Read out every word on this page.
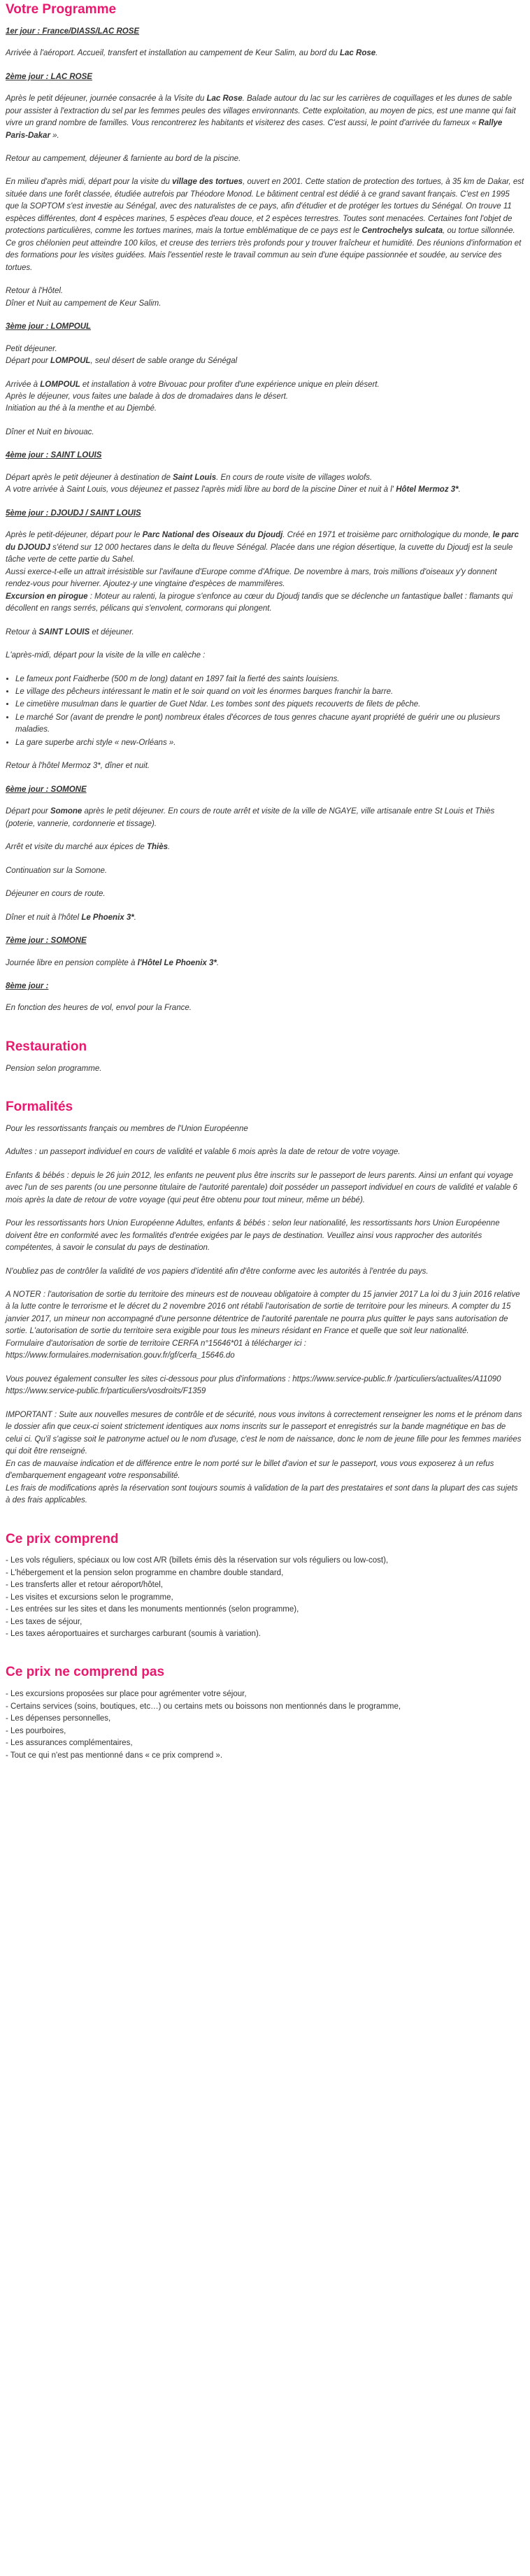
Votre Programme

1er jour : France/DIASS/LAC ROSE

Arrivée à l'aéroport. Accueil, transfert et installation au campement de Keur Salim, au bord du Lac Rose.

2ème jour : LAC ROSE

Après le petit déjeuner, journée consacrée à la Visite du Lac Rose. Balade autour du lac sur les carrières de coquillages et les dunes de sable pour assister à l'extraction du sel par les femmes peules des villages environnants. Cette exploitation, au moyen de pics, est une manne qui fait vivre un grand nombre de familles. Vous rencontrerez les habitants et visiterez des cases. C'est aussi, le point d'arrivée du fameux « Rallye Paris-Dakar ».

Retour au campement, déjeuner & farniente au bord de la piscine.

En milieu d'après midi, départ pour la visite du village des tortues, ouvert en 2001. Cette station de protection des tortues, à 35 km de Dakar, est située dans une forêt classée, étudiée autrefois par Théodore Monod. Le bâtiment central est dédié à ce grand savant français. C'est en 1995 que la SOPTOM s'est investie au Sénégal, avec des naturalistes de ce pays, afin d'étudier et de protéger les tortues du Sénégal. On trouve 11 espèces différentes, dont 4 espèces marines, 5 espèces d'eau douce, et 2 espèces terrestres. Toutes sont menacées. Certaines font l'objet de protections particulières, comme les tortues marines, mais la tortue emblématique de ce pays est le Centrochelys sulcata, ou tortue sillonnée. Ce gros chélonien peut atteindre 100 kilos, et creuse des terriers très profonds pour y trouver fraîcheur et humidité. Des réunions d'information et des formations pour les visites guidées. Mais l'essentiel reste le travail commun au sein d'une équipe passionnée et soudée, au service des tortues.

Retour à l'Hôtel.
Dîner et Nuit au campement de Keur Salim.

3ème jour : LOMPOUL

Petit déjeuner.
Départ pour LOMPOUL, seul désert de sable orange du Sénégal

Arrivée à LOMPOUL et installation à votre Bivouac pour profiter d'une expérience unique en plein désert.
Après le déjeuner, vous faites une balade à dos de dromadaires dans le désert.
Initiation au thé à la menthe et au Djembé.

Dîner et Nuit en bivouac.

4ème jour : SAINT LOUIS

Départ après le petit déjeuner à destination de Saint Louis. En cours de route visite de villages wolofs.
A votre arrivée à Saint Louis, vous déjeunez et passez l'après midi libre au bord de la piscine Diner et nuit à l' Hôtel Mermoz 3*.

5ème jour : DJOUDJ / SAINT LOUIS

Après le petit-déjeuner, départ pour le Parc National des Oiseaux du Djoudj. Créé en 1971 et troisième parc ornithologique du monde, le parc du DJOUDJ s'étend sur 12 000 hectares dans le delta du fleuve Sénégal. Placée dans une région désertique, la cuvette du Djoudj est la seule tâche verte de cette partie du Sahel.
Aussi exerce-t-elle un attrait irrésistible sur l'avifaune d'Europe comme d'Afrique. De novembre à mars, trois millions d'oiseaux y'y donnent rendez-vous pour hiverner. Ajoutez-y une vingtaine d'espèces de mammifères.
Excursion en pirogue : Moteur au ralenti, la pirogue s'enfonce au cœur du Djoudj tandis que se déclenche un fantastique ballet : flamants qui décollent en rangs serrés, pélicans qui s'envolent, cormorans qui plongent.

Retour à SAINT LOUIS et déjeuner.

L'après-midi, départ pour la visite de la ville en calèche :

• Le fameux pont Faidherbe (500 m de long) datant en 1897 fait la fierté des saints louisiens.
• Le village des pêcheurs intéressant le matin et le soir quand on voit les énormes barques franchir la barre.
• Le cimetière musulman dans le quartier de Guet Ndar. Les tombes sont des piquets recouverts de filets de pêche.
• Le marché Sor (avant de prendre le pont) nombreux étales d'écorces de tous genres chacune ayant propriété de guérir une ou plusieurs maladies.
• La gare superbe archi style « new-Orléans ».

Retour à l'hôtel Mermoz 3*, dîner et nuit.

6ème jour : SOMONE

Départ pour Somone après le petit déjeuner. En cours de route arrêt et visite de la ville de NGAYE, ville artisanale entre St Louis et Thiès (poterie, vannerie, cordonnerie et tissage).

Arrêt et visite du marché aux épices de Thiès.

Continuation sur la Somone.

Déjeuner en cours de route.

Dîner et nuit à l'hôtel Le Phoenix 3*.

7ème jour : SOMONE

Journée libre en pension complète à l'Hôtel Le Phoenix 3*.

8ème jour :

En fonction des heures de vol, envol pour la France.

Restauration

Pension selon programme.

Formalités

Pour les ressortissants français ou membres de l'Union Européenne

Adultes : un passeport individuel en cours de validité et valable 6 mois après la date de retour de votre voyage.

Enfants & bébés : depuis le 26 juin 2012, les enfants ne peuvent plus être inscrits sur le passeport de leurs parents. Ainsi un enfant qui voyage avec l'un de ses parents (ou une personne titulaire de l'autorité parentale) doit posséder un passeport individuel en cours de validité et valable 6 mois après la date de retour de votre voyage (qui peut être obtenu pour tout mineur, même un bébé).

Pour les ressortissants hors Union Européenne Adultes, enfants & bébés : selon leur nationalité, les ressortissants hors Union Européenne doivent être en conformité avec les formalités d'entrée exigées par le pays de destination. Veuillez ainsi vous rapprocher des autorités compétentes, à savoir le consulat du pays de destination.

N'oubliez pas de contrôler la validité de vos papiers d'identité afin d'être conforme avec les autorités à l'entrée du pays.

A NOTER : l'autorisation de sortie du territoire des mineurs est de nouveau obligatoire à compter du 15 janvier 2017 La loi du 3 juin 2016 relative à la lutte contre le terrorisme et le décret du 2 novembre 2016 ont rétabli l'autorisation de sortie de territoire pour les mineurs. A compter du 15 janvier 2017, un mineur non accompagné d'une personne détentrice de l'autorité parentale ne pourra plus quitter le pays sans autorisation de sortie. L'autorisation de sortie du territoire sera exigible pour tous les mineurs résidant en France et quelle que soit leur nationalité.
Formulaire d'autorisation de sortie de territoire CERFA n°15646*01 à télécharger ici : https://www.formulaires.modernisation.gouv.fr/gf/cerfa_15646.do

Vous pouvez également consulter les sites ci-dessous pour plus d'informations : https://www.service-public.fr /particuliers/actualites/A11090 https://www.service-public.fr/particuliers/vosdroits/F1359

IMPORTANT : Suite aux nouvelles mesures de contrôle et de sécurité, nous vous invitons à correctement renseigner les noms et le prénom dans le dossier afin que ceux-ci soient strictement identiques aux noms inscrits sur le passeport et enregistrés sur la bande magnétique en bas de celui ci. Qu'il s'agisse soit le patronyme actuel ou le nom d'usage, c'est le nom de naissance, donc le nom de jeune fille pour les femmes mariées qui doit être renseigné.
En cas de mauvaise indication et de différence entre le nom porté sur le billet d'avion et sur le passeport, vous vous exposerez à un refus d'embarquement engageant votre responsabilité.
Les frais de modifications après la réservation sont toujours soumis à validation de la part des prestataires et sont dans la plupart des cas sujets à des frais applicables.

Ce prix comprend
- Les vols réguliers, spéciaux ou low cost A/R (billets émis dès la réservation sur vols réguliers ou low-cost),
- L'hébergement et la pension selon programme en chambre double standard,
- Les transferts aller et retour aéroport/hôtel,
- Les visites et excursions selon le programme,
- Les entrées sur les sites et dans les monuments mentionnés (selon programme),
- Les taxes de séjour,
- Les taxes aéroportuaires et surcharges carburant (soumis à variation).
Ce prix ne comprend pas
- Les excursions proposées sur place pour agrémenter votre séjour,
- Certains services (soins, boutiques, etc…) ou certains mets ou boissons non mentionnés dans le programme,
- Les dépenses personnelles,
- Les pourboires,
- Les assurances complémentaires,
- Tout ce qui n'est pas mentionné dans « ce prix comprend ».
